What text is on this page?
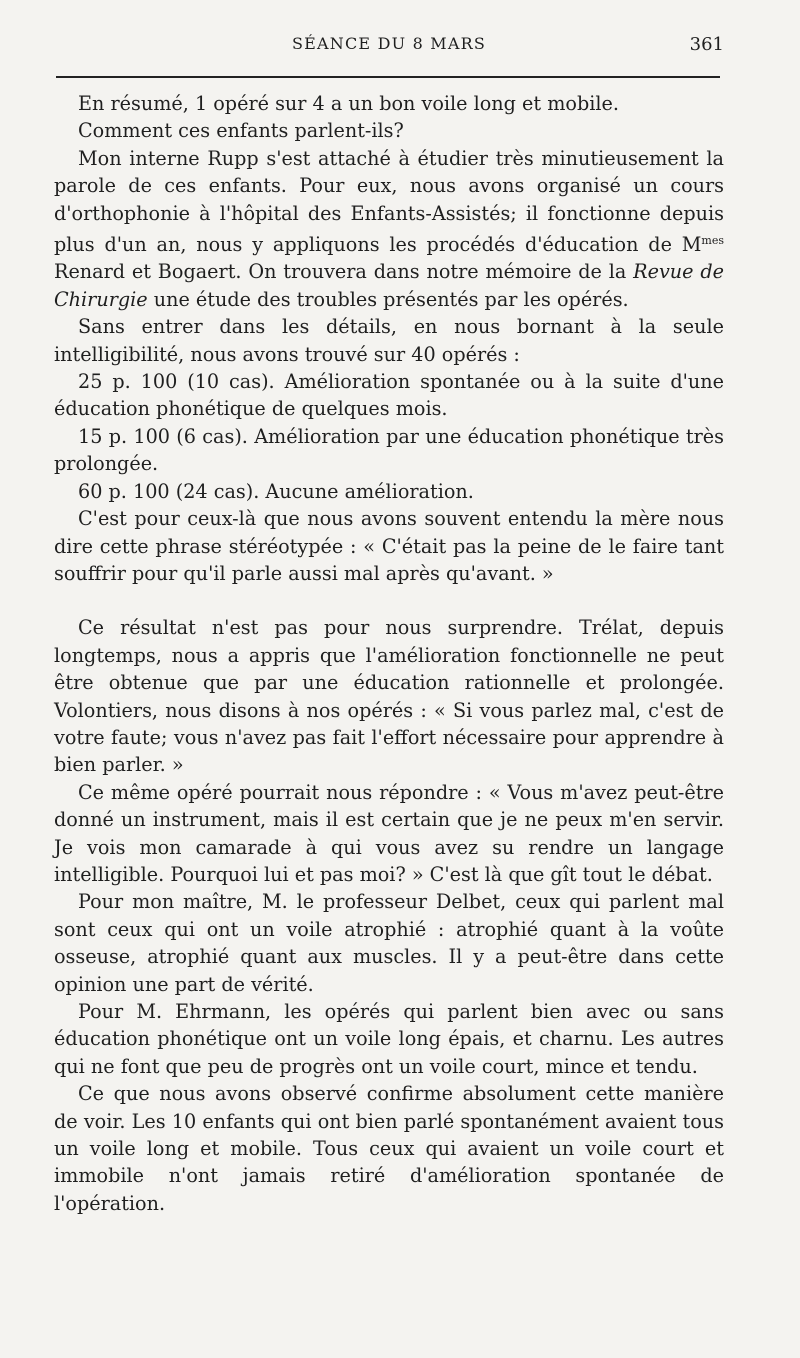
SÉANCE DU 8 MARS	361

En résumé, 1 opéré sur 4 a un bon voile long et mobile.

Comment ces enfants parlent-ils?

Mon interne Rupp s'est attaché à étudier très minutieusement la parole de ces enfants. Pour eux, nous avons organisé un cours d'orthophonie à l'hôpital des Enfants-Assistés; il fonctionne depuis plus d'un an, nous y appliquons les procédés d'éducation de $M^{mes}$ Renard et Bogaert. On trouvera dans notre mémoire de la Revue de Chirurgie une étude des troubles présentés par les opérés.

Sans entrer dans les détails, en nous bornant à la seule intelligibilité, nous avons trouvé sur 40 opérés :

25 p. 100 (10 cas). Amélioration spontanée ou à la suite d'une éducation phonétique de quelques mois.

15 p. 100 (6 cas). Amélioration par une éducation phonétique très prolongée.

60 p. 100 (24 cas). Aucune amélioration.

C'est pour ceux-là que nous avons souvent entendu la mère nous dire cette phrase stéréotypée : « C'était pas la peine de le faire tant souffrir pour qu'il parle aussi mal après qu'avant. »

Ce résultat n'est pas pour nous surprendre. Trélat, depuis longtemps, nous a appris que l'amélioration fonctionnelle ne peut être obtenue que par une éducation rationnelle et prolongée. Volontiers, nous disons à nos opérés : « Si vous parlez mal, c'est de votre faute; vous n'avez pas fait l'effort nécessaire pour apprendre à bien parler. »

Ce même opéré pourrait nous répondre : « Vous m'avez peut-être donné un instrument, mais il est certain que je ne peux m'en servir. Je vois mon camarade à qui vous avez su rendre un langage intelligible. Pourquoi lui et pas moi? » C'est là que gît tout le débat.

Pour mon maître, M. le professeur Delbet, ceux qui parlent mal sont ceux qui ont un voile atrophié : atrophié quant à la voûte osseuse, atrophié quant aux muscles. Il y a peut-être dans cette opinion une part de vérité.

Pour M. Ehrmann, les opérés qui parlent bien avec ou sans éducation phonétique ont un voile long épais, et charnu. Les autres qui ne font que peu de progrès ont un voile court, mince et tendu.

Ce que nous avons observé confirme absolument cette manière de voir. Les 10 enfants qui ont bien parlé spontanément avaient tous un voile long et mobile. Tous ceux qui avaient un voile court et immobile n'ont jamais retiré d'amélioration spontanée de l'opération.
